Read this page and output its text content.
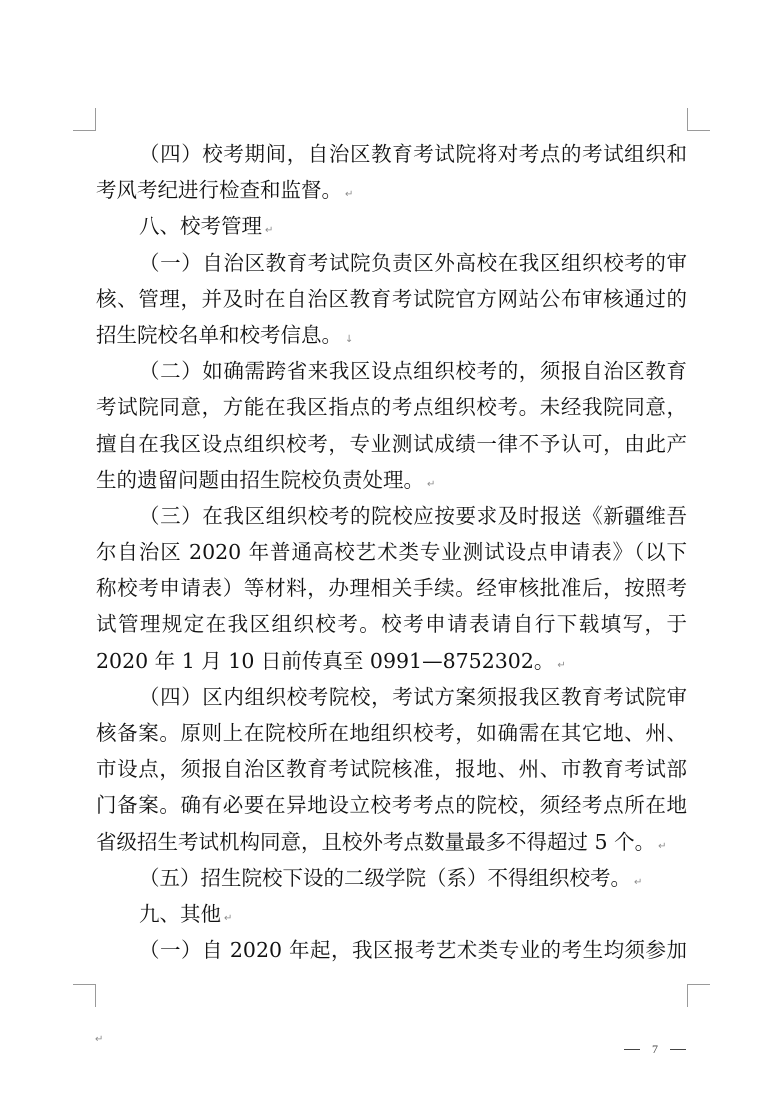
（四）校考期间，自治区教育考试院将对考点的考试组织和
考风考纪进行检查和监督。 ↵
八、校考管理 ↵
（一）自治区教育考试院负责区外高校在我区组织校考的审
核、管理，并及时在自治区教育考试院官方网站公布审核通过的
招生院校名单和校考信息。 ↓
（二）如确需跨省来我区设点组织校考的，须报自治区教育
考试院同意，方能在我区指点的考点组织校考。未经我院同意，
擅自在我区设点组织校考，专业测试成绩一律不予认可，由此产
生的遗留问题由招生院校负责处理。 ↵
（三）在我区组织校考的院校应按要求及时报送《新疆维吾
尔自治区 2020 年普通高校艺术类专业测试设点申请表》（以下
称校考申请表）等材料，办理相关手续。经审核批准后，按照考
试管理规定在我区组织校考。校考申请表请自行下载填写，于
2020 年 1 月 10 日前传真至 0991—8752302。 ↵
（四）区内组织校考院校，考试方案须报我区教育考试院审
核备案。原则上在院校所在地组织校考，如确需在其它地、州、
市设点，须报自治区教育考试院核准，报地、州、市教育考试部
门备案。确有必要在异地设立校考考点的院校，须经考点所在地
省级招生考试机构同意，且校外考点数量最多不得超过 5 个。 ↵
（五）招生院校下设的二级学院（系）不得组织校考。 ↵
九、其他 ↵
（一）自 2020 年起，我区报考艺术类专业的考生均须参加
↵
7
